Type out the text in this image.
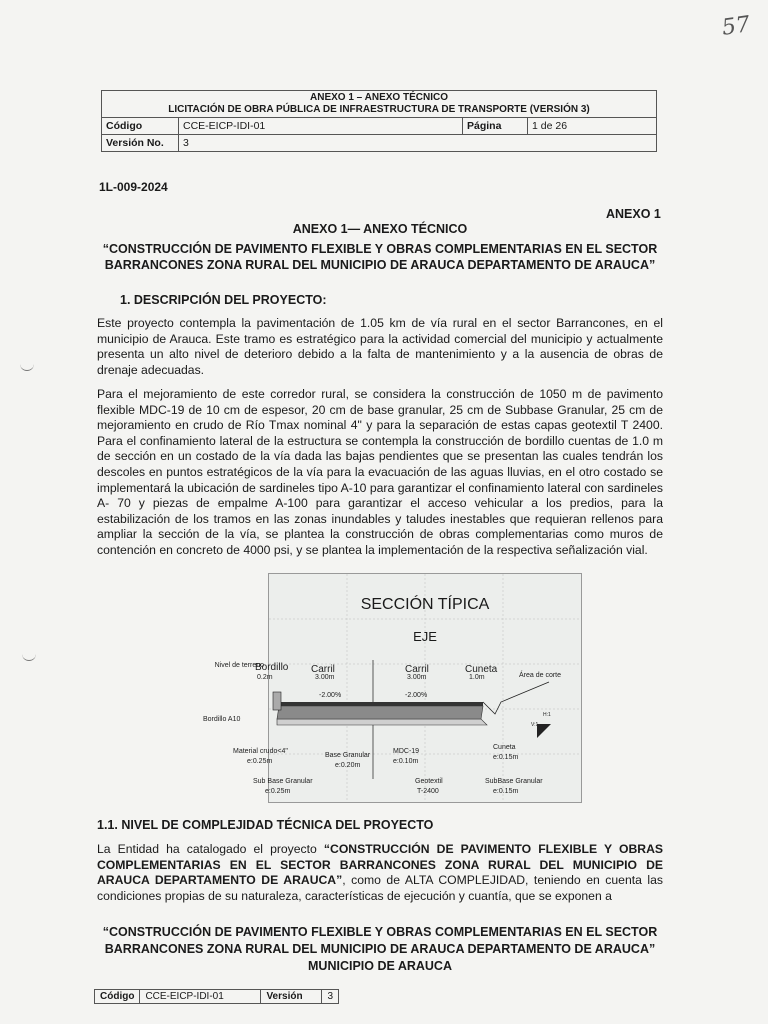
57
ANEXO 1 – ANEXO TÉCNICO
LICITACIÓN DE OBRA PÚBLICA DE INFRAESTRUCTURA DE TRANSPORTE (VERSIÓN 3)			

Código	CCE-EICP-IDI-01	Página	1 de 26
Versión No.	3		
1L-009-2024
ANEXO 1
ANEXO 1— ANEXO TÉCNICO
“CONSTRUCCIÓN DE PAVIMENTO FLEXIBLE Y OBRAS COMPLEMENTARIAS EN EL SECTOR
BARRANCONES ZONA RURAL DEL MUNICIPIO DE ARAUCA DEPARTAMENTO DE ARAUCA”
1. DESCRIPCIÓN DEL PROYECTO:
Este proyecto contempla la pavimentación de 1.05 km de vía rural en el sector Barrancones, en el municipio de Arauca. Este tramo es estratégico para la actividad comercial del municipio y actualmente presenta un alto nivel de deterioro debido a la falta de mantenimiento y a la ausencia de obras de drenaje adecuadas.
Para el mejoramiento de este corredor rural, se considera la construcción de 1050 m de pavimento flexible MDC-19 de 10 cm de espesor, 20 cm de base granular, 25 cm de Subbase Granular, 25 cm de mejoramiento en crudo de Río Tmax nominal 4" y para la separación de estas capas geotextil T 2400. Para el confinamiento lateral de la estructura se contempla la construcción de bordillo cuentas de 1.0 m de sección en un costado de la vía dada las bajas pendientes que se presentan las cuales tendrán los descoles en puntos estratégicos de la vía para la evacuación de las aguas lluvias, en el otro costado se implementará la ubicación de sardineles tipo A-10 para garantizar el confinamiento lateral con sardineles A- 70 y piezas de empalme A-100 para garantizar el acceso vehicular a los predios, para la estabilización de los tramos en las zonas inundables y taludes inestables que requieran rellenos para ampliar la sección de la vía, se plantea la construcción de obras complementarias como muros de contención en concreto de 4000 psi, y se plantea la implementación de la respectiva señalización vial.
SECCIÓN TÍPICA
EJE
Nivel de terreno
Bordillo
0.2m
Carril
3.00m
Carril
3.00m
Cuneta
1.0m	Área de corte
-2.00%	-2.00%
Bordillo A10
Material crudo<4"
e:0.25m
Base Granular
e:0.20m
MDC-19
e:0.10m
Cuneta
e:0.15m
Sub Base Granular
e:0.25m
Geotextil
T-2400
SubBase Granular
e:0.15m
H:1
V:1
1.1. NIVEL DE COMPLEJIDAD TÉCNICA DEL PROYECTO
La Entidad ha catalogado el proyecto “CONSTRUCCIÓN DE PAVIMENTO FLEXIBLE Y OBRAS COMPLEMENTARIAS EN EL SECTOR BARRANCONES ZONA RURAL DEL MUNICIPIO DE ARAUCA DEPARTAMENTO DE ARAUCA”, como de ALTA COMPLEJIDAD, teniendo en cuenta las condiciones propias de su naturaleza, características de ejecución y cuantía, que se exponen a
“CONSTRUCCIÓN DE PAVIMENTO FLEXIBLE Y OBRAS COMPLEMENTARIAS EN EL SECTOR
BARRANCONES ZONA RURAL DEL MUNICIPIO DE ARAUCA DEPARTAMENTO DE ARAUCA”
MUNICIPIO DE ARAUCA
Código	CCE-EICP-IDI-01	Versión	3
